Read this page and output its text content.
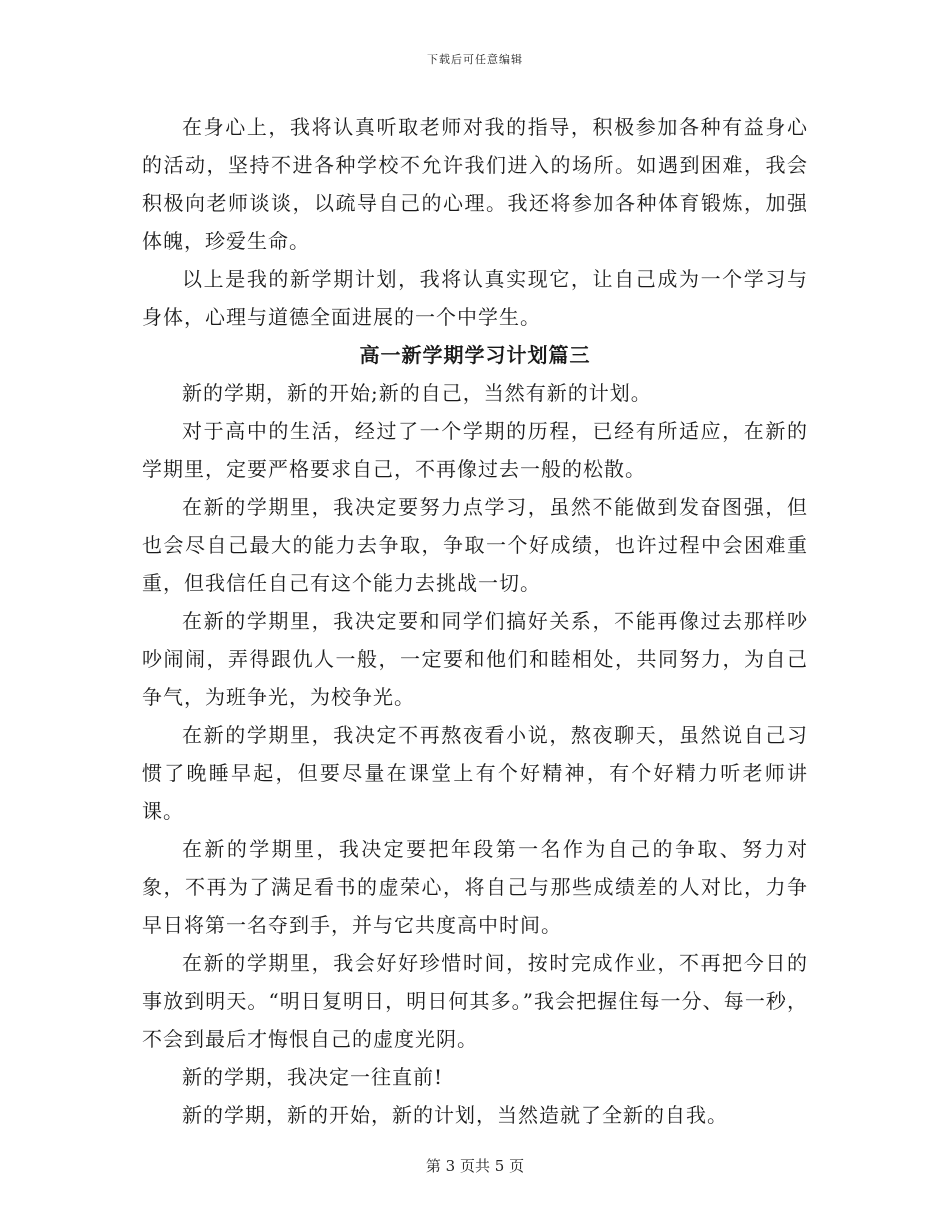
下载后可任意编辑

在身心上，我将认真听取老师对我的指导，积极参加各种有益身心的活动，坚持不进各种学校不允许我们进入的场所。如遇到困难，我会积极向老师谈谈，以疏导自己的心理。我还将参加各种体育锻炼，加强体魄，珍爱生命。

以上是我的新学期计划，我将认真实现它，让自己成为一个学习与身体，心理与道德全面进展的一个中学生。

高一新学期学习计划篇三

新的学期，新的开始;新的自己，当然有新的计划。

对于高中的生活，经过了一个学期的历程，已经有所适应，在新的学期里，定要严格要求自己，不再像过去一般的松散。

在新的学期里，我决定要努力点学习，虽然不能做到发奋图强，但也会尽自己最大的能力去争取，争取一个好成绩，也许过程中会困难重重，但我信任自己有这个能力去挑战一切。

在新的学期里，我决定要和同学们搞好关系，不能再像过去那样吵吵闹闹，弄得跟仇人一般，一定要和他们和睦相处，共同努力，为自己争气，为班争光，为校争光。

在新的学期里，我决定不再熬夜看小说，熬夜聊天，虽然说自己习惯了晚睡早起，但要尽量在课堂上有个好精神，有个好精力听老师讲课。

在新的学期里，我决定要把年段第一名作为自己的争取、努力对象，不再为了满足看书的虚荣心，将自己与那些成绩差的人对比，力争早日将第一名夺到手，并与它共度高中时间。

在新的学期里，我会好好珍惜时间，按时完成作业，不再把今日的事放到明天。“明日复明日，明日何其多。”我会把握住每一分、每一秒，不会到最后才悔恨自己的虚度光阴。

新的学期，我决定一往直前!

新的学期，新的开始，新的计划，当然造就了全新的自我。

第 3 页共 5 页
